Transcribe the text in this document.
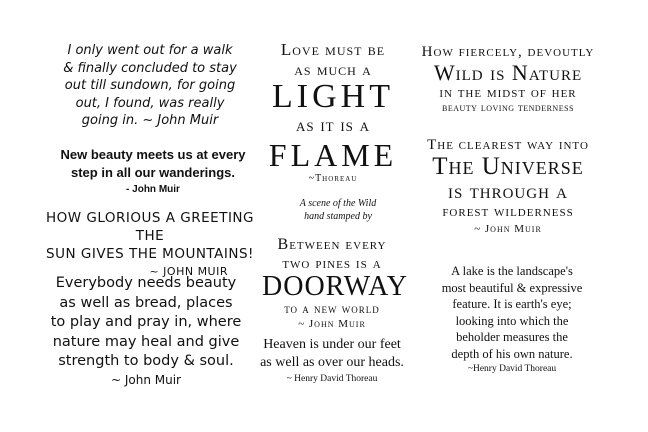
I only went out for a walk
& finally concluded to stay
out till sundown, for going
out, I found, was really
going in. ~ John Muir
New beauty meets us at every
step in all our wanderings.
- John Muir
HOW GLORIOUS A GREETING THE
SUN GIVES THE MOUNTAINS!
~ JOHN MUIR
Everybody needs beauty
as well as bread, places
to play and pray in, where
nature may heal and give
strength to body & soul.
~ John Muir
Love must be
as much a
LIGHT
as it is a
FLAME
~Thoreau
A scene of the Wild
hand stamped by
Between every
two pines is a
DOORWAY
to a new world
~ John Muir
Heaven is under our feet
as well as over our heads.
~ Henry David Thoreau
How fiercely, devoutly
Wild is Nature
in the midst of her
beauty loving tenderness
The clearest way into
The Universe
is through a
forest wilderness
~ John Muir
A lake is the landscape's
most beautiful & expressive
feature. It is earth's eye;
looking into which the
beholder measures the
depth of his own nature.
~Henry David Thoreau
